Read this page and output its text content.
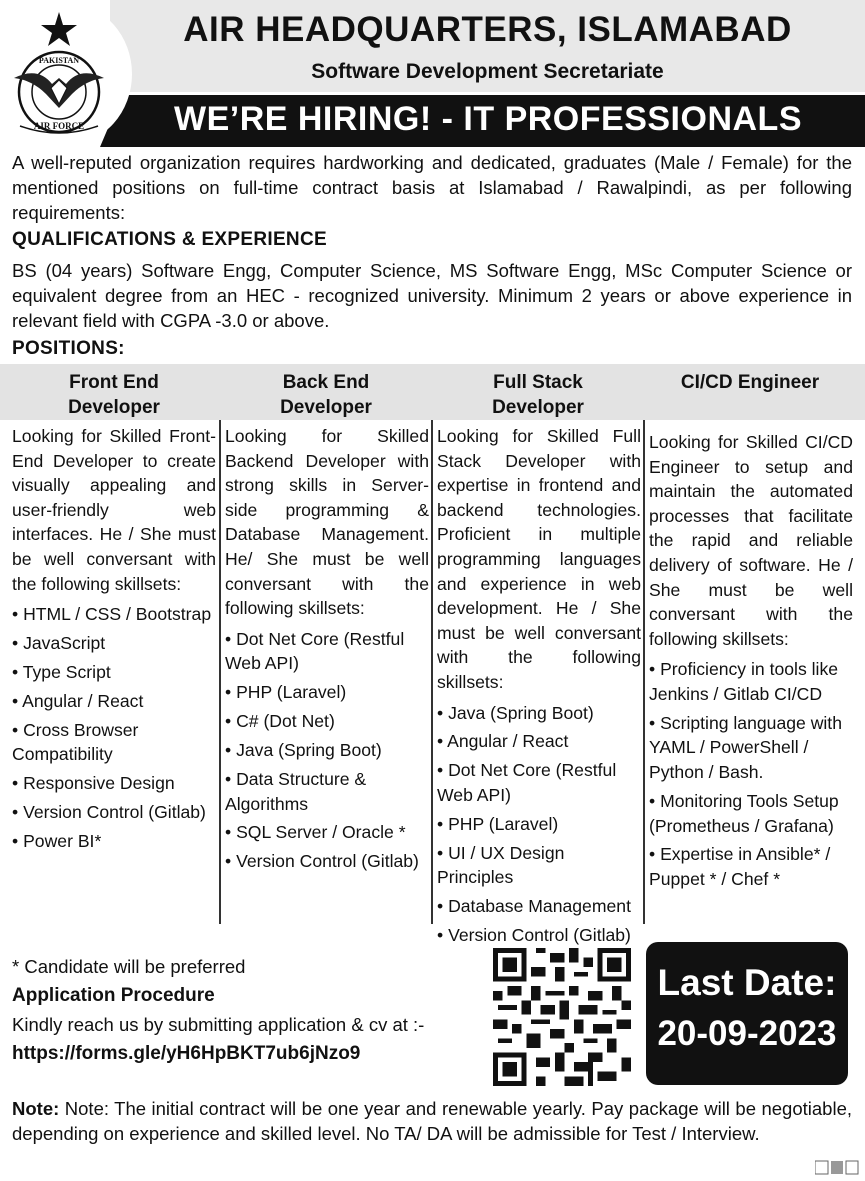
PAKISTAN
AIR FORCE
AIR HEADQUARTERS, ISLAMABAD
Software Development Secretariate
WE’RE HIRING! - IT PROFESSIONALS
A well-reputed organization requires hardworking and dedicated, graduates (Male / Female) for the mentioned positions on full-time contract basis at Islamabad / Rawalpindi, as per following requirements:
QUALIFICATIONS & EXPERIENCE
BS (04 years) Software Engg, Computer Science, MS Software Engg, MSc Computer Science or equivalent degree from an HEC - recognized university. Minimum 2 years or above experience in relevant field with CGPA -3.0 or above.
POSITIONS:
Front End
Developer
Back End
Developer
Full Stack
Developer
CI/CD Engineer
Looking for Skilled Front-End Developer to create visually appealing and user-friendly web interfaces. He / She must be well conversant with the following skillsets:
• HTML / CSS / Bootstrap
• JavaScript
• Type Script
• Angular / React
• Cross Browser Compatibility
• Responsive Design
• Version Control (Gitlab)
• Power BI*
Looking for Skilled Backend Developer with strong skills in Server-side programming & Database Management. He/ She must be well conversant with the following skillsets:
• Dot Net Core (Restful Web API)
• PHP (Laravel)
• C# (Dot Net)
• Java (Spring Boot)
• Data Structure & Algorithms
• SQL Server / Oracle *
• Version Control (Gitlab)
Looking for Skilled Full Stack Developer with expertise in frontend and backend technologies. Proficient in multiple programming languages and experience in web development. He / She must be well conversant with the following skillsets:
• Java (Spring Boot)
• Angular / React
• Dot Net Core (Restful Web API)
• PHP (Laravel)
• UI / UX Design Principles
• Database Management
• Version Control (Gitlab)
Looking for Skilled CI/CD Engineer to setup and maintain the automated processes that facilitate the rapid and reliable delivery of software. He / She must be well conversant with the following skillsets:
• Proficiency in tools like Jenkins / Gitlab CI/CD
• Scripting language with YAML / PowerShell / Python / Bash.
• Monitoring Tools Setup (Prometheus / Grafana)
• Expertise in Ansible* / Puppet * / Chef *
* Candidate will be preferred
Application Procedure
Kindly reach us by submitting application & cv at :-
https://forms.gle/yH6HpBKT7ub6jNzo9
Last Date:
20-09-2023
Note: Note: The initial contract will be one year and renewable yearly. Pay package will be negotiable, depending on experience and skilled level. No TA/ DA will be admissible for Test / Interview.
